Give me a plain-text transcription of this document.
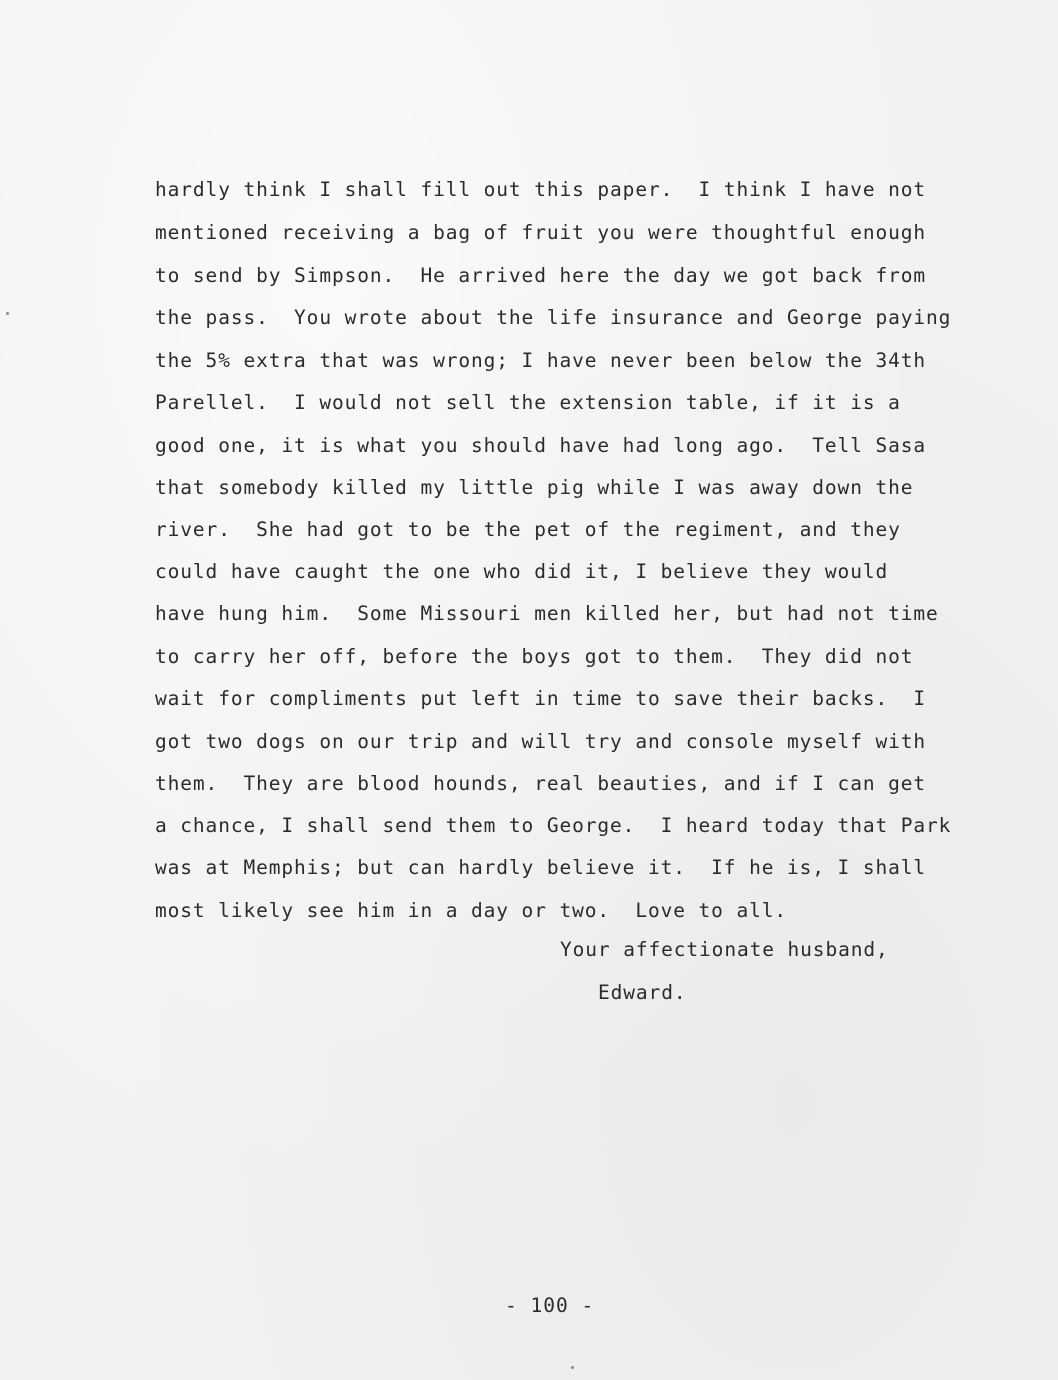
hardly think I shall fill out this paper.  I think I have not
mentioned receiving a bag of fruit you were thoughtful enough
to send by Simpson.  He arrived here the day we got back from
the pass.  You wrote about the life insurance and George paying
the 5% extra that was wrong; I have never been below the 34th
Parellel.  I would not sell the extension table, if it is a
good one, it is what you should have had long ago.  Tell Sasa
that somebody killed my little pig while I was away down the
river.  She had got to be the pet of the regiment, and they
could have caught the one who did it, I believe they would
have hung him.  Some Missouri men killed her, but had not time
to carry her off, before the boys got to them.  They did not
wait for compliments put left in time to save their backs.  I
got two dogs on our trip and will try and console myself with
them.  They are blood hounds, real beauties, and if I can get
a chance, I shall send them to George.  I heard today that Park
was at Memphis; but can hardly believe it.  If he is, I shall
most likely see him in a day or two.  Love to all.
Your affectionate husband,
Edward.
- 100 -
